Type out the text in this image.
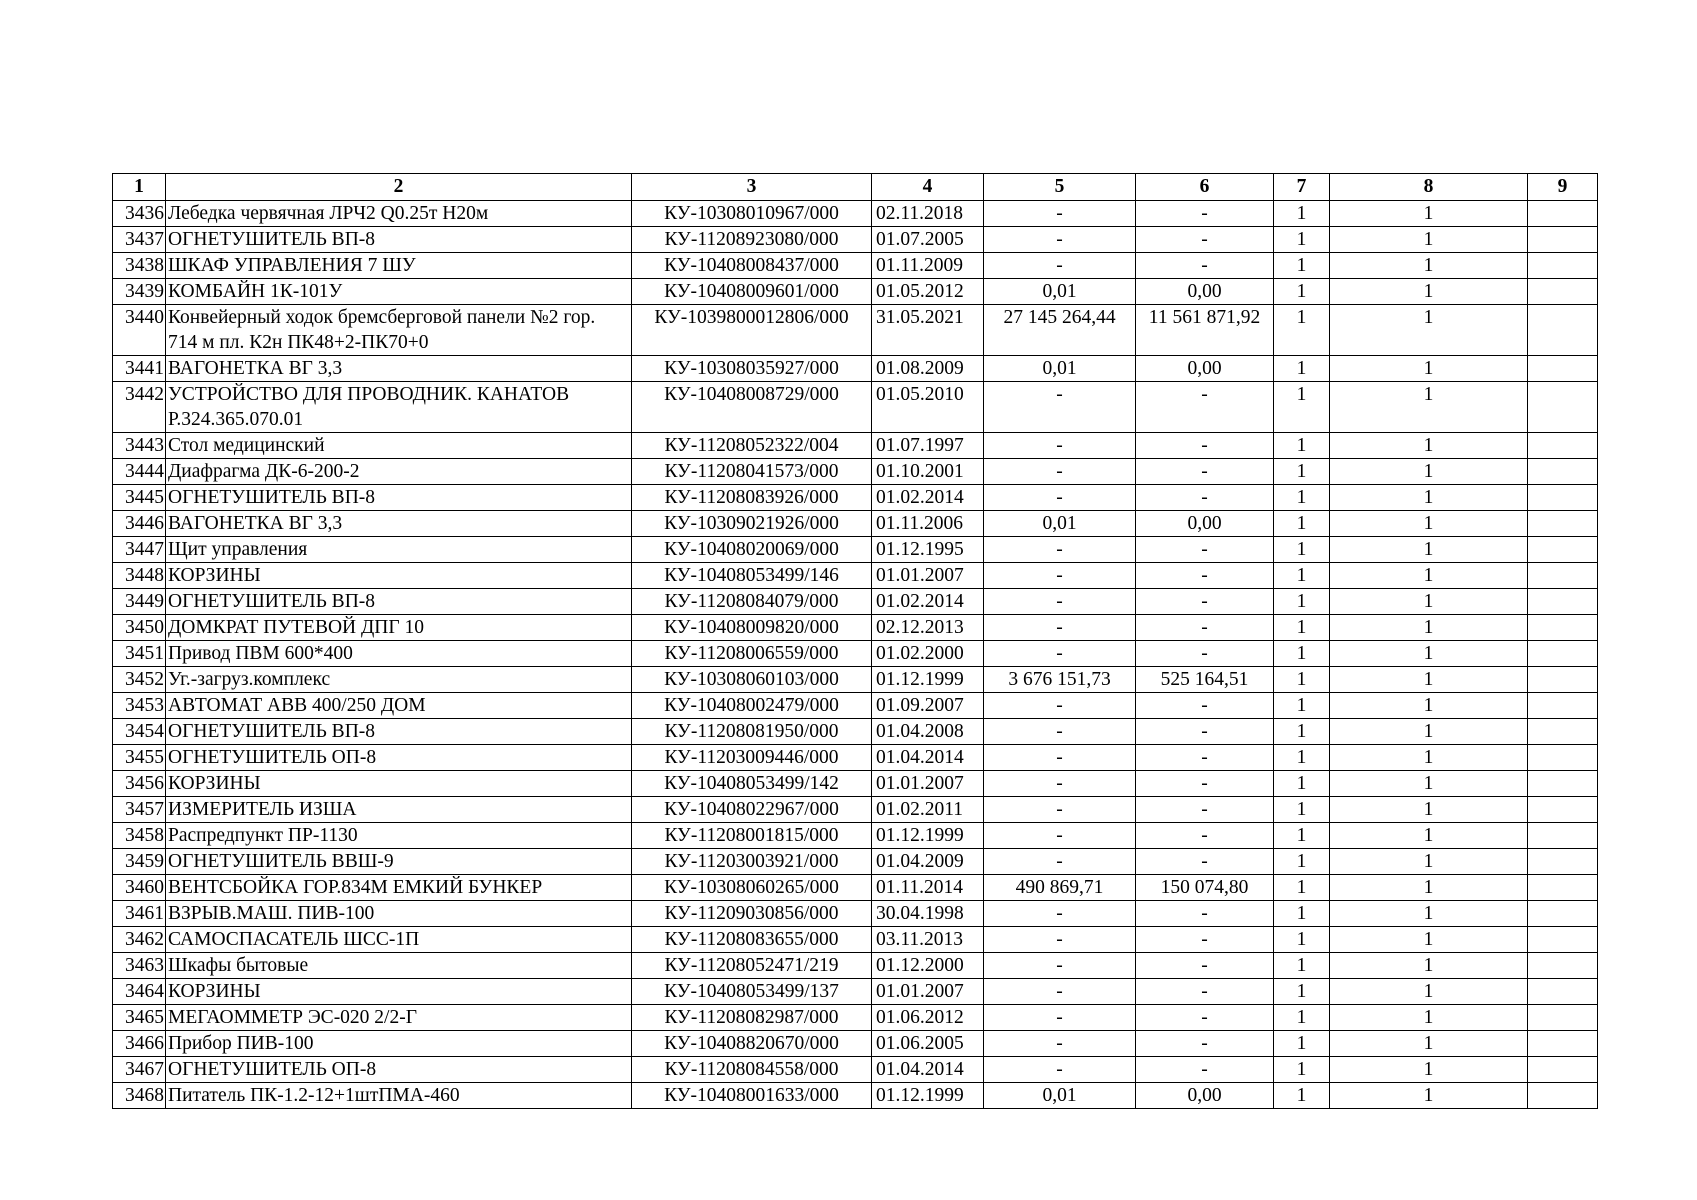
1	2	3	4	5	6	7	8	9
3436	Лебедка червячная ЛРЧ2 Q0.25т Н20м	КУ-10308010967/000	02.11.2018	-	-	1	1	
3437	ОГНЕТУШИТЕЛЬ ВП-8	КУ-11208923080/000	01.07.2005	-	-	1	1	
3438	ШКАФ УПРАВЛЕНИЯ 7 ШУ	КУ-10408008437/000	01.11.2009	-	-	1	1	
3439	КОМБАЙН 1К-101У	КУ-10408009601/000	01.05.2012	0,01	0,00	1	1	
3440	Конвейерный ходок бремсберговой панели №2 гор. 714 м пл. К2н ПК48+2-ПК70+0	КУ-1039800012806/000	31.05.2021	27 145 264,44	11 561 871,92	1	1	
3441	ВАГОНЕТКА ВГ 3,3	КУ-10308035927/000	01.08.2009	0,01	0,00	1	1	
3442	УСТРОЙСТВО ДЛЯ ПРОВОДНИК. КАНАТОВ Р.324.365.070.01	КУ-10408008729/000	01.05.2010	-	-	1	1	
3443	Стол медицинский	КУ-11208052322/004	01.07.1997	-	-	1	1	
3444	Диафрагма ДК-6-200-2	КУ-11208041573/000	01.10.2001	-	-	1	1	
3445	ОГНЕТУШИТЕЛЬ ВП-8	КУ-11208083926/000	01.02.2014	-	-	1	1	
3446	ВАГОНЕТКА ВГ 3,3	КУ-10309021926/000	01.11.2006	0,01	0,00	1	1	
3447	Щит управления	КУ-10408020069/000	01.12.1995	-	-	1	1	
3448	КОРЗИНЫ	КУ-10408053499/146	01.01.2007	-	-	1	1	
3449	ОГНЕТУШИТЕЛЬ ВП-8	КУ-11208084079/000	01.02.2014	-	-	1	1	
3450	ДОМКРАТ ПУТЕВОЙ ДПГ 10	КУ-10408009820/000	02.12.2013	-	-	1	1	
3451	Привод ПВМ 600*400	КУ-11208006559/000	01.02.2000	-	-	1	1	
3452	Уг.-загруз.комплекс	КУ-10308060103/000	01.12.1999	3 676 151,73	525 164,51	1	1	
3453	АВТОМАТ АВВ 400/250 ДОМ	КУ-10408002479/000	01.09.2007	-	-	1	1	
3454	ОГНЕТУШИТЕЛЬ ВП-8	КУ-11208081950/000	01.04.2008	-	-	1	1	
3455	ОГНЕТУШИТЕЛЬ ОП-8	КУ-11203009446/000	01.04.2014	-	-	1	1	
3456	КОРЗИНЫ	КУ-10408053499/142	01.01.2007	-	-	1	1	
3457	ИЗМЕРИТЕЛЬ ИЗША	КУ-10408022967/000	01.02.2011	-	-	1	1	
3458	Распредпункт ПР-1130	КУ-11208001815/000	01.12.1999	-	-	1	1	
3459	ОГНЕТУШИТЕЛЬ ВВШ-9	КУ-11203003921/000	01.04.2009	-	-	1	1	
3460	ВЕНТСБОЙКА ГОР.834М ЕМКИЙ БУНКЕР	КУ-10308060265/000	01.11.2014	490 869,71	150 074,80	1	1	
3461	ВЗРЫВ.МАШ. ПИВ-100	КУ-11209030856/000	30.04.1998	-	-	1	1	
3462	САМОСПАСАТЕЛЬ ШСС-1П	КУ-11208083655/000	03.11.2013	-	-	1	1	
3463	Шкафы бытовые	КУ-11208052471/219	01.12.2000	-	-	1	1	
3464	КОРЗИНЫ	КУ-10408053499/137	01.01.2007	-	-	1	1	
3465	МЕГАОММЕТР ЭС-020 2/2-Г	КУ-11208082987/000	01.06.2012	-	-	1	1	
3466	Прибор ПИВ-100	КУ-10408820670/000	01.06.2005	-	-	1	1	
3467	ОГНЕТУШИТЕЛЬ ОП-8	КУ-11208084558/000	01.04.2014	-	-	1	1	
3468	Питатель ПК-1.2-12+1штПМА-460	КУ-10408001633/000	01.12.1999	0,01	0,00	1	1	
